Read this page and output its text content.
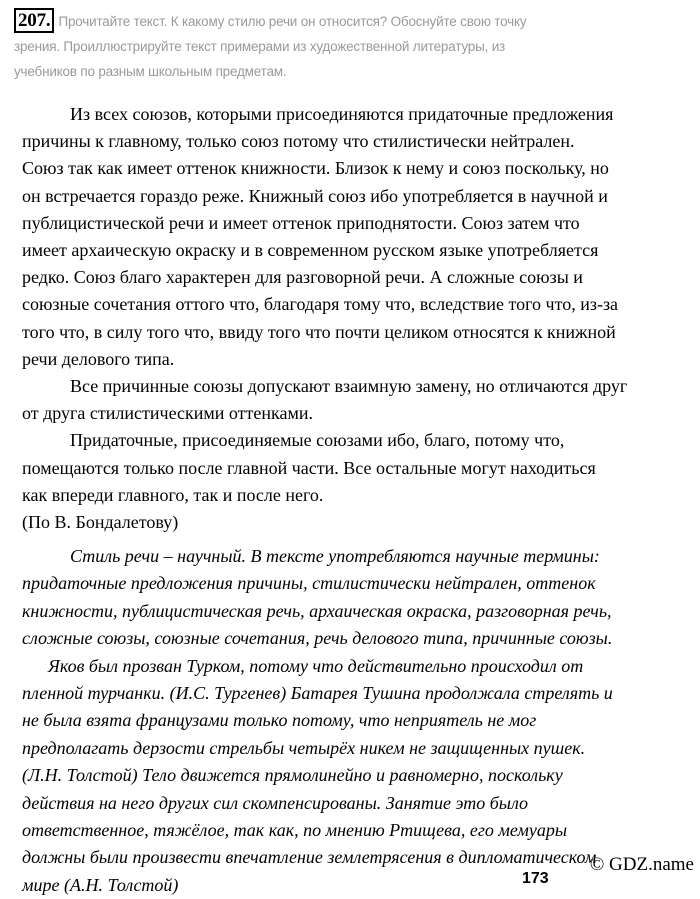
207. Прочитайте текст. К какому стилю речи он относится? Обоснуйте свою точку
зрения. Проиллюстрируйте текст примерами из художественной литературы, из
учебников по разным школьным предметам.
Из всех союзов, которыми присоединяются придаточные предложения
причины к главному, только союз потому что стилистически нейтрален.
Союз так как имеет оттенок книжности. Близок к нему и союз поскольку, но
он встречается гораздо реже. Книжный союз ибо употребляется в научной и
публицистической речи и имеет оттенок приподнятости. Союз затем что
имеет архаическую окраску и в современном русском языке употребляется
редко. Союз благо характерен для разговорной речи. А сложные союзы и
союзные сочетания оттого что, благодаря тому что, вследствие того что, из-за
того что, в силу того что, ввиду того что почти целиком относятся к книжной
речи делового типа.
Все причинные союзы допускают взаимную замену, но отличаются друг
от друга стилистическими оттенками.
Придаточные, присоединяемые союзами ибо, благо, потому что,
помещаются только после главной части. Все остальные могут находиться
как впереди главного, так и после него.
(По В. Бондалетову)
Стиль речи – научный. В тексте употребляются научные термины:
придаточные предложения причины, стилистически нейтрален, оттенок
книжности, публицистическая речь, архаическая окраска, разговорная речь,
сложные союзы, союзные сочетания, речь делового типа, причинные союзы.
Яков был прозван Турком, потому что действительно происходил от
пленной турчанки. (И.С. Тургенев) Батарея Тушина продолжала стрелять и
не была взята французами только потому, что неприятель не мог
предполагать дерзости стрельбы четырёх никем не защищенных пушек.
(Л.Н. Толстой) Тело движется прямолинейно и равномерно, поскольку
действия на него других сил скомпенсированы. Занятие это было
ответственное, тяжёлое, так как, по мнению Ртищева, его мемуары
должны были произвести впечатление землетрясения в дипломатическом
мире (А.Н. Толстой)
© GDZ.name
173
